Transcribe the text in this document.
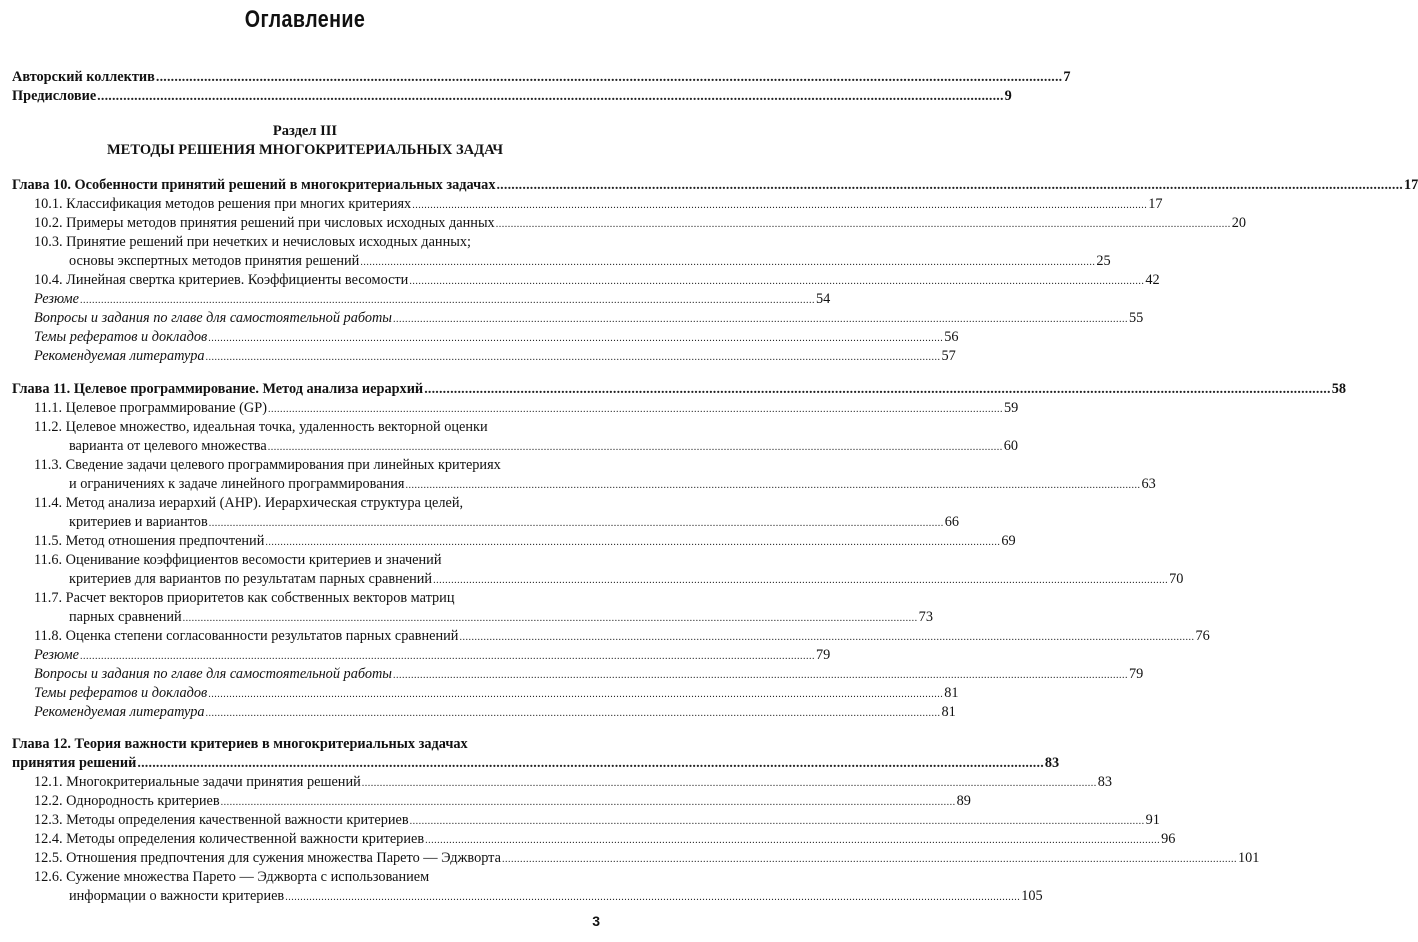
Оглавление
Авторский коллектив .....	7
Предисловие .....	9
Раздел III
МЕТОДЫ РЕШЕНИЯ МНОГОКРИТЕРИАЛЬНЫХ ЗАДАЧ
Глава 10. Особенности принятий решений в многокритериальных задачах .....	17
10.1. Классификация методов решения при многих критериях .....	17
10.2. Примеры методов принятия решений при числовых исходных данных .....	20
10.3. Принятие решений при нечетких и нечисловых исходных данных;
основы экспертных методов принятия решений .....	25
10.4. Линейная свертка критериев. Коэффициенты весомости .....	42
Резюме .....	54
Вопросы и задания по главе для самостоятельной работы .....	55
Темы рефератов и докладов .....	56
Рекомендуемая литература .....	57
Глава 11. Целевое программирование. Метод анализа иерархий .....	58
11.1. Целевое программирование (GP) .....	59
11.2. Целевое множество, идеальная точка, удаленность векторной оценки
варианта от целевого множества .....	60
11.3. Сведение задачи целевого программирования при линейных критериях
и ограничениях к задаче линейного программирования .....	63
11.4. Метод анализа иерархий (AHP). Иерархическая структура целей,
критериев и вариантов .....	66
11.5. Метод отношения предпочтений .....	69
11.6. Оценивание коэффициентов весомости критериев и значений
критериев для вариантов по результатам парных сравнений .....	70
11.7. Расчет векторов приоритетов как собственных векторов матриц
парных сравнений .....	73
11.8. Оценка степени согласованности результатов парных сравнений .....	76
Резюме .....	79
Вопросы и задания по главе для самостоятельной работы .....	79
Темы рефератов и докладов .....	81
Рекомендуемая литература .....	81
Глава 12. Теория важности критериев в многокритериальных задачах
принятия решений .....	83
12.1. Многокритериальные задачи принятия решений .....	83
12.2. Однородность критериев .....	89
12.3. Методы определения качественной важности критериев .....	91
12.4. Методы определения количественной важности критериев .....	96
12.5. Отношения предпочтения для сужения множества Парето — Эджворта .....	101
12.6. Сужение множества Парето — Эджворта с использованием
информации о важности критериев .....	105
3
